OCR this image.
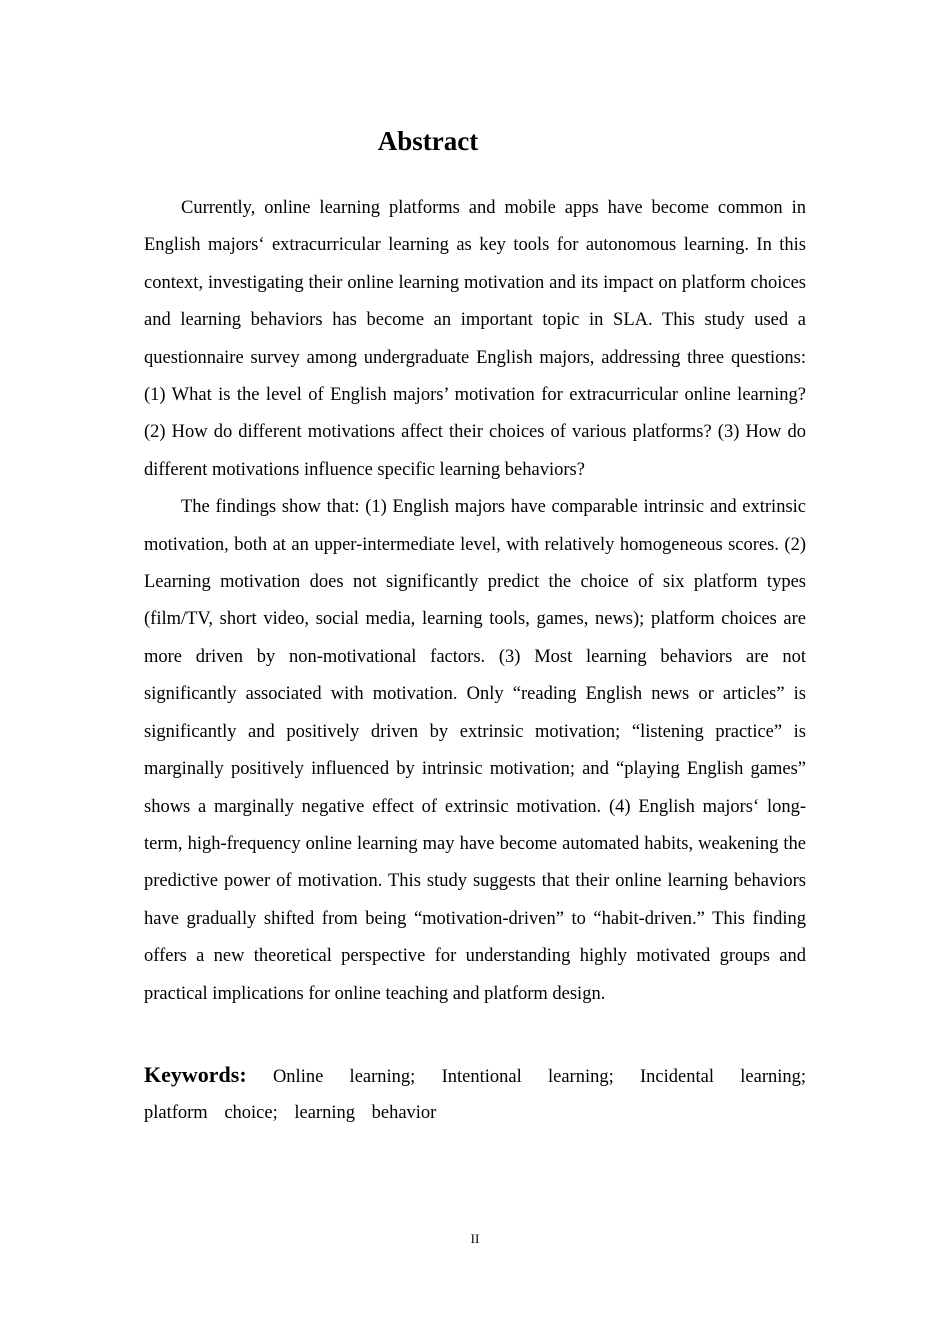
Abstract

Currently, online learning platforms and mobile apps have become common in English majors‘ extracurricular learning as key tools for autonomous learning. In this context, investigating their online learning motivation and its impact on platform choices and learning behaviors has become an important topic in SLA. This study used a questionnaire survey among undergraduate English majors, addressing three questions: (1) What is the level of English majors’ motivation for extracurricular online learning? (2) How do different motivations affect their choices of various platforms? (3) How do different motivations influence specific learning behaviors?

The findings show that: (1) English majors have comparable intrinsic and extrinsic motivation, both at an upper-intermediate level, with relatively homogeneous scores. (2) Learning motivation does not significantly predict the choice of six platform types (film/TV, short video, social media, learning tools, games, news); platform choices are more driven by non-motivational factors. (3) Most learning behaviors are not significantly associated with motivation. Only “reading English news or articles” is significantly and positively driven by extrinsic motivation; “listening practice” is marginally positively influenced by intrinsic motivation; and “playing English games” shows a marginally negative effect of extrinsic motivation. (4) English majors‘ long-term, high-frequency online learning may have become automated habits, weakening the predictive power of motivation. This study suggests that their online learning behaviors have gradually shifted from being “motivation-driven” to “habit-driven.” This finding offers a new theoretical perspective for understanding highly motivated groups and practical implications for online teaching and platform design.

Keywords: Online learning; Intentional learning; Incidental learning; platform choice; learning behavior
II
